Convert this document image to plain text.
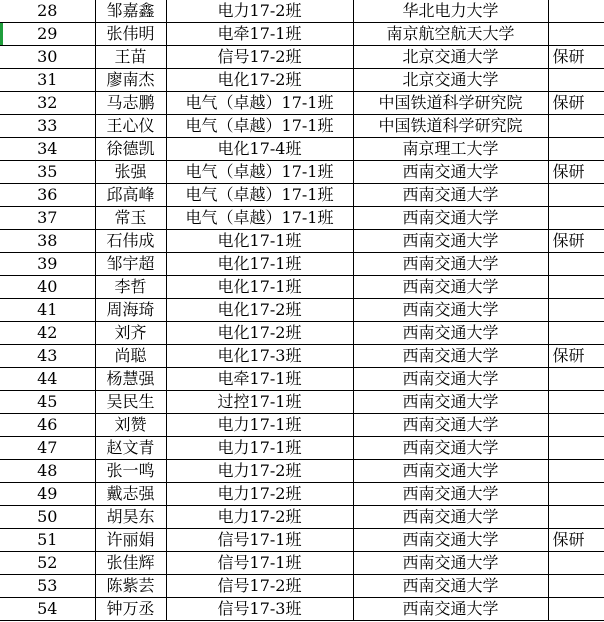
28	邹嘉鑫	电力17-2班	华北电力大学	
29	张伟明	电牵17-1班	南京航空航天大学	
30	王苗	信号17-2班	北京交通大学	保研
31	廖南杰	电化17-2班	北京交通大学	
32	马志鹏	电气（卓越）17-1班	中国铁道科学研究院	保研
33	王心仪	电气（卓越）17-1班	中国铁道科学研究院	
34	徐德凯	电化17-4班	南京理工大学	
35	张强	电气（卓越）17-1班	西南交通大学	保研
36	邱高峰	电气（卓越）17-1班	西南交通大学	
37	常玉	电气（卓越）17-1班	西南交通大学	
38	石伟成	电化17-1班	西南交通大学	保研
39	邹宇超	电化17-1班	西南交通大学	
40	李哲	电化17-1班	西南交通大学	
41	周海琦	电化17-2班	西南交通大学	
42	刘齐	电化17-2班	西南交通大学	
43	尚聪	电化17-3班	西南交通大学	保研
44	杨慧强	电牵17-1班	西南交通大学	
45	吴民生	过控17-1班	西南交通大学	
46	刘赞	电力17-1班	西南交通大学	
47	赵文青	电力17-1班	西南交通大学	
48	张一鸣	电力17-2班	西南交通大学	
49	戴志强	电力17-2班	西南交通大学	
50	胡昊东	电力17-2班	西南交通大学	
51	许丽娟	信号17-1班	西南交通大学	保研
52	张佳辉	信号17-1班	西南交通大学	
53	陈紫芸	信号17-2班	西南交通大学	
54	钟万丞	信号17-3班	西南交通大学	
